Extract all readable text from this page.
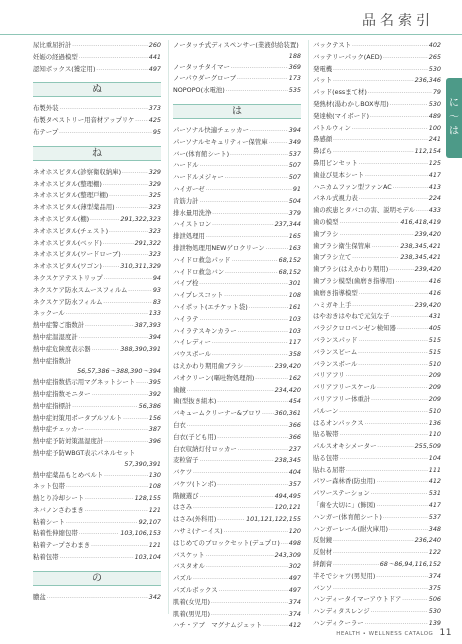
品名索引
に
〜
は
尿比重屈折計 - - -	260
妊娠の経過模型 - - -	441
認知ボックス(獲定用) - - -	497
ぬ
布製外装 - - -	373
布製タペストリー用音材アップリケ - - - 425
布テープ - - -	95
ね
ネオホスピタル(診察衛収納庫) - - -	329
ネオホスピタル(整理棚) - - -	329
ネオホスピタル(整理戸棚) - - -	325
ネオホスピタル(薄型薬品用) - - -	323
ネオホスピタル(棚) - - -	291,322,323
ネオホスピタル(チェスト) - - -	323
ネオホスピタル(ベッド) - - -	291,322
ネオホスピタル(ワードローブ) - - -	323
ネオホスピタル(ワゴン) - - -	310,311,329
ネクスケアテストリップ - - -	94
ネクスケア防水スムースフィルム - - -	93
ネクスケア防水フィルム - - -	83
ネックール - - -	133
熱中症警ご脂数計 - - -	387,393
熱中症温湿度計 - - -	394
熱中症危険度表示器 - - -	388,390,391
熱中症指数計
56,57,386〜388,390〜394
熱中症指数搭示用マグネットシート - - - 395
熱中症指数モニター - - -	392
熱中症指標計 - - -	56,386
熱中症対策用ポータブルソルト - - -	156
熱中症チェッカー - - -	387
熱中症予防対策温湿度計 - - -	396
熱中症予防WBGT表示パネルセット
57,390,391
熱中症薬品もとめベルト - - -	130
ネット包帯 - - -	108
熱とり冷却シート - - -	128,155
ネバノンさわまき - - -	121
粘着シート - - -	92,107
粘着性伸縮包帯 - - -	103,106,153
粘着テープさわまき - - -	121
粘着包帯 - - -	103,104
の
膿盆 - - -	342
ノータッチ式ディスペンサー(業液供給装置)
188
ノータッチタイマー - - -	369
ノーパウダーグローブ - - -	173
NOPOPO(水電池) - - -	535
は
パーソナル快適チェッカー - - -	394
パーソナルセキュリティー保管庫 - - -	349
バー(体育館シート) - - -	537
ハードル - - -	507
ハードルメジャー - - -	507
ハイガーゼ - - -	91
肯筋力計 - - -	504
排水量用洗浄 - - -	379
ハイストロン - - -	237,344
排泄処理用 - - -	165
排泄物処理用NEWゲロクリーン - - -	163
ハイドロ救急パッド - - -	68,152
ハイドロ救急バン - - -	68,152
バイブ栓 - - -	301
ハイプレスコット - - -	108
ハイポット(エチケット袋) - - -	161
ハイラテ - - -	103
ハイラテスキンカラー - - -	103
ハイレディー - - -	117
バウスボール - - -	358
はえかわり期用歯ブラシ - - -	239,420
パオクリーン(嘔吐物処理剤) - - -	162
歯鏡 - - -	234,420
歯(型抜き組本) - - -	454
バキュームクリーナー&ブロワ - - - 360,361
白衣 - - -	366
白衣(子ども用) - - -	366
白衣収納灯付ロッカー - - -	237
麦粒留子 - - -	238,345
バケツ - - -	404
バケツ(トンボ) - - -	357
階鏡選び - - -	494,495
はさみ - - -	120,121
はさみ(外科用) - - -	101,121,122,155
ハサミ(ナーイス) - - -	120
はじめてのブロックセット(デュプロ) - - - 498
バスケット - - -	243,309
バスタオル - - -	302
パズル - - -	497
パズルボックス - - -	497
肌着(女児用) - - -	374
肌着(男児用) - - -	374
ハチ・アブ　マグナムジェット - - -	412
バックテスト - - -	402
バッテリーパック(AED) - - -	265
発電機 - - -	530
パット - - -	236,346
パッド(essまて材) - - -	79
発熱材(湯わかしBOX専用) - - -	530
発達検(マイボード) - - -	489
パトルウィン - - -	100
鼻感顔 - - -	241
鼻ばら - - -	112,154
鼻用ピンセット - - -	125
歯並び見本シート - - -	417
ハニカムファン型ファンAC - - -	413
パネル式視力表 - - -	224
歯の疾患とタバコの害、説明モデル - - - 433
歯の模型 - - -	416,418,419
歯ブラシ - - -	239,420
歯ブラシ衛生保管庫 - - -	238,345,421
歯ブラシ立て - - -	238,345,421
歯ブラシ(はえかわり期用) - - -	239,420
歯ブラシ模型(歯磨き指導用) - - -	416
歯磨き指導模型 - - -	416
ハミガキ上手 - - -	239,420
はやおきはやねで元気な子 - - -	431
バラジクロロベンゼン検知器 - - -	405
バランスパッド - - -	515
バランスビーム - - -	515
バランスボール - - -	510
バリアフリ - - -	209
バリアフリースケール - - -	209
バリアフリー体重計 - - -	209
パルーン - - -	510
はるオンパックス - - -	136
貼る鞍帯 - - -	110
パルスオキシメーター - - -	255,509
貼る包帯 - - -	104
貼れる屈帯 - - -	111
パワー森林香(防虫用) - - -	412
パワーステーション - - -	531
「歯を大切に」(飾図) - - -	417
ハンガー(体育館シート) - - -	537
ハンガーレール(耐火庫用) - - -	348
反射鏡 - - -	236,240
反射材 - - -	122
絆創膏 - - -	68〜86,94,116,152
半そでシャツ(男児用) - - -	374
バンソ - - -	375
ハンディータイマーアウトドア - - -	506
ハンディタスレンジ - - -	530
ハンディクーラー - - -	139
HEALTH • WELLNESS CATALOG 11
